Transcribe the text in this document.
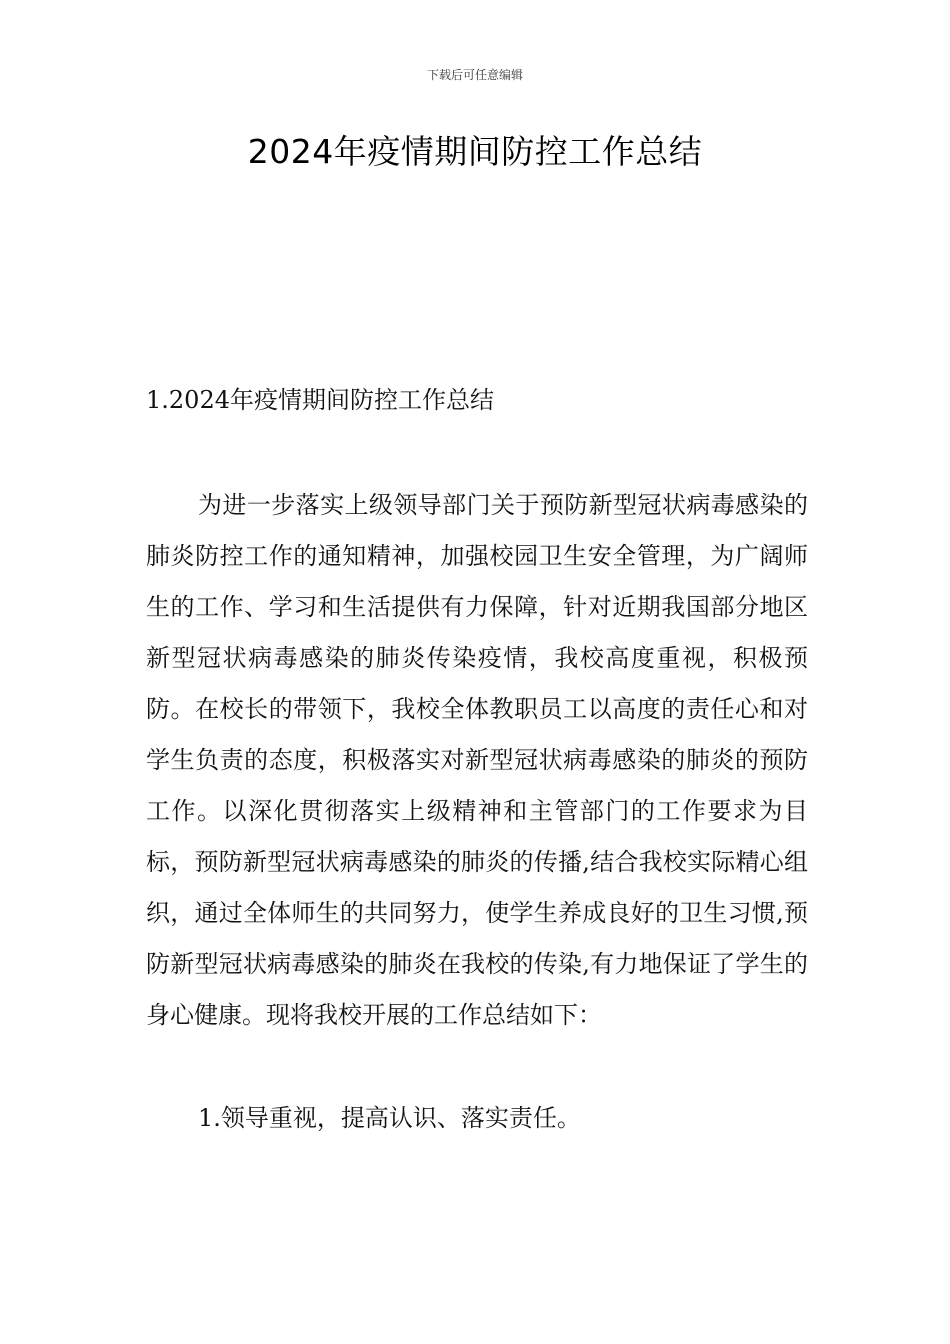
下载后可任意编辑
2024年疫情期间防控工作总结
1.2024年疫情期间防控工作总结

为进一步落实上级领导部门关于预防新型冠状病毒感染的肺炎防控工作的通知精神，加强校园卫生安全管理，为广阔师生的工作、学习和生活提供有力保障，针对近期我国部分地区新型冠状病毒感染的肺炎传染疫情，我校高度重视，积极预防。在校长的带领下，我校全体教职员工以高度的责任心和对学生负责的态度，积极落实对新型冠状病毒感染的肺炎的预防工作。以深化贯彻落实上级精神和主管部门的工作要求为目标，预防新型冠状病毒感染的肺炎的传播,结合我校实际精心组织，通过全体师生的共同努力，使学生养成良好的卫生习惯,预防新型冠状病毒感染的肺炎在我校的传染,有力地保证了学生的身心健康。现将我校开展的工作总结如下：

1.领导重视，提高认识、落实责任。
